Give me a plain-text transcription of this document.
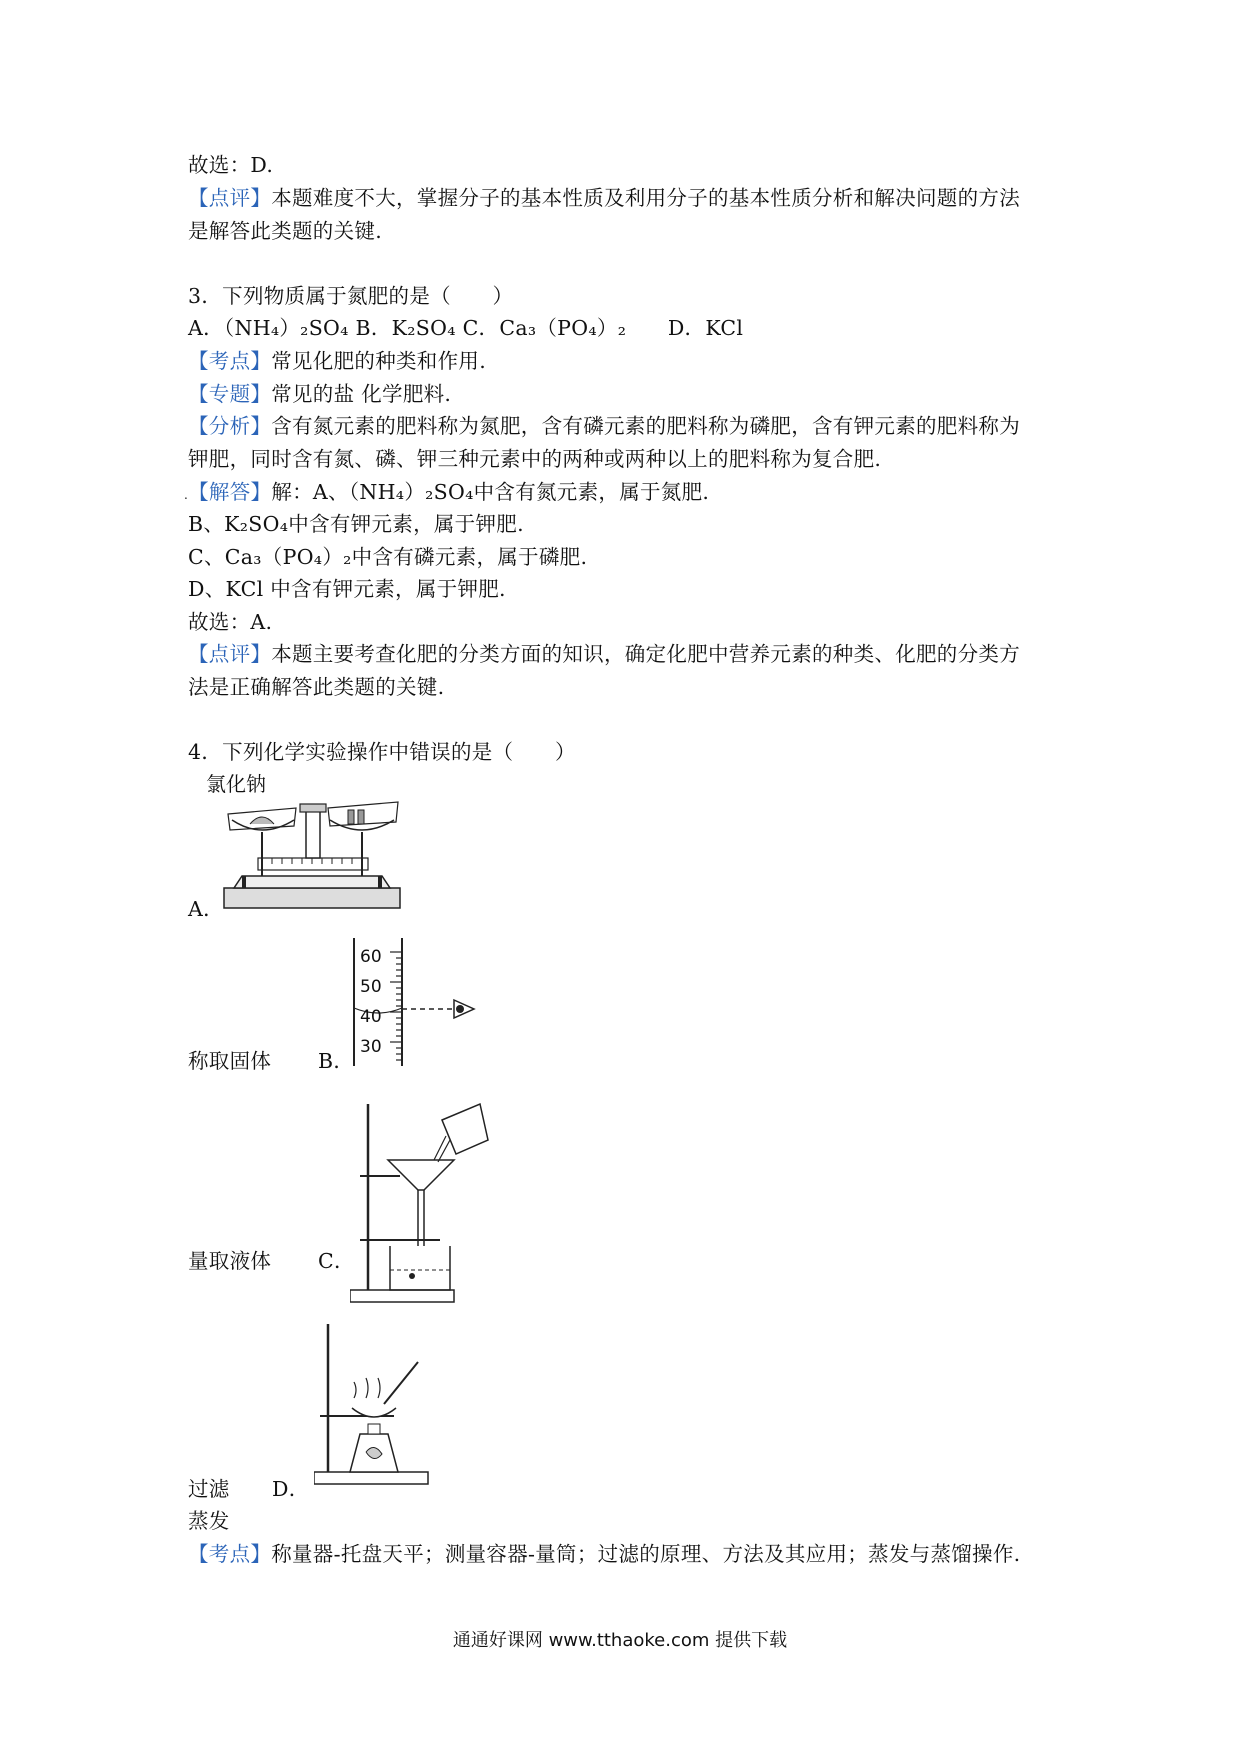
故选：D.
【点评】本题难度不大，掌握分子的基本性质及利用分子的基本性质分析和解决问题的方法
是解答此类题的关键.
3．下列物质属于氮肥的是（　　）
A．（NH₄）₂SO₄ B．K₂SO₄ C．Ca₃（PO₄）₂　　D．KCl
【考点】常见化肥的种类和作用.
【专题】常见的盐 化学肥料.
【分析】含有氮元素的肥料称为氮肥，含有磷元素的肥料称为磷肥，含有钾元素的肥料称为
钾肥，同时含有氮、磷、钾三种元素中的两种或两种以上的肥料称为复合肥.
.【解答】解：A、（NH₄）₂SO₄中含有氮元素，属于氮肥.
B、K₂SO₄中含有钾元素，属于钾肥.
C、Ca₃（PO₄）₂中含有磷元素，属于磷肥.
D、KCl 中含有钾元素，属于钾肥.
故选：A.
【点评】本题主要考查化肥的分类方面的知识，确定化肥中营养元素的种类、化肥的分类方
法是正确解答此类题的关键.
4．下列化学实验操作中错误的是（　　）
氯化钠
A．
60
50
40
30
称取固体 B．
量取液体 C．
过滤 D．
蒸发
【考点】称量器-托盘天平；测量容器-量筒；过滤的原理、方法及其应用；蒸发与蒸馏操作.
通通好课网 www.tthaoke.com 提供下载
